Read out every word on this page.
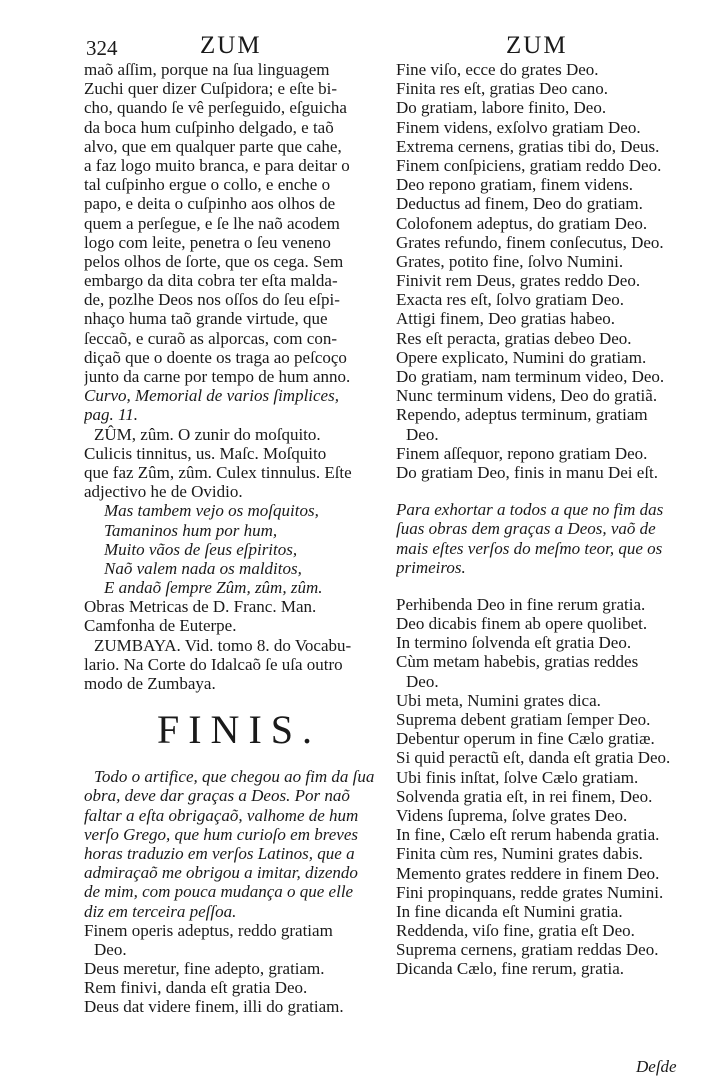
324	ZUM	ZUM
maõ aſſim, porque na ſua linguagem
Zuchi quer dizer Cuſpidora; e eſte bi-
cho, quando ſe vê perſeguido, eſguicha
da boca hum cuſpinho delgado, e taõ
alvo, que em qualquer parte que cahe,
a faz logo muito branca, e para deitar o
tal cuſpinho ergue o collo, e enche o
papo, e deita o cuſpinho aos olhos de
quem a perſegue, e ſe lhe naõ acodem
logo com leite, penetra o ſeu veneno
pelos olhos de ſorte, que os cega. Sem
embargo da dita cobra ter eſta malda-
de, pozlhe Deos nos oſſos do ſeu eſpi-
nhaço huma taõ grande virtude, que
ſeccaõ, e curaõ as alporcas, com con-
diçaõ que o doente os traga ao peſcoço
junto da carne por tempo de hum anno.
Curvo, Memorial de varios ſimplices,
pag. 11.
ZÛM, zûm. O zunir do moſquito.
Culicis tinnitus, us. Maſc. Moſquito
que faz Zûm, zûm. Culex tinnulus. Eſte
adjectivo he de Ovidio.
Mas tambem vejo os moſquitos,
Tamaninos hum por hum,
Muito vãos de ſeus eſpiritos,
Naõ valem nada os malditos,
E andaõ ſempre Zûm, zûm, zûm.
Obras Metricas de D. Franc. Man.
Camfonha de Euterpe.
ZUMBAYA. Vid. tomo 8. do Vocabu-
lario. Na Corte do Idalcaõ ſe uſa outro
modo de Zumbaya.
FINIS.
Todo o artifice, que chegou ao fim da ſua
obra, deve dar graças a Deos. Por naõ
faltar a eſta obrigaçaõ, valhome de hum
verſo Grego, que hum curioſo em breves
horas traduzio em verſos Latinos, que a
admiraçaõ me obrigou a imitar, dizendo
de mim, com pouca mudança o que elle
diz em terceira peſſoa.
Finem operis adeptus, reddo gratiam
Deo.
Deus meretur, fine adepto, gratiam.
Rem finivi, danda eſt gratia Deo.
Deus dat videre finem, illi do gratiam.
Fine viſo, ecce do grates Deo.
Finita res eſt, gratias Deo cano.
Do gratiam, labore finito, Deo.
Finem videns, exſolvo gratiam Deo.
Extrema cernens, gratias tibi do, Deus.
Finem conſpiciens, gratiam reddo Deo.
Deo repono gratiam, finem videns.
Deductus ad finem, Deo do gratiam.
Colofonem adeptus, do gratiam Deo.
Grates refundo, finem conſecutus, Deo.
Grates, potito fine, ſolvo Numini.
Finivit rem Deus, grates reddo Deo.
Exacta res eſt, ſolvo gratiam Deo.
Attigi finem, Deo gratias habeo.
Res eſt peracta, gratias debeo Deo.
Opere explicato, Numini do gratiam.
Do gratiam, nam terminum video, Deo.
Nunc terminum videns, Deo do gratiã.
Rependo, adeptus terminum, gratiam
Deo.
Finem aſſequor, repono gratiam Deo.
Do gratiam Deo, finis in manu Dei eſt.
Para exhortar a todos a que no fim das
ſuas obras dem graças a Deos, vaõ de
mais eſtes verſos do meſmo teor, que os
primeiros.
Perhibenda Deo in fine rerum gratia.
Deo dicabis finem ab opere quolibet.
In termino ſolvenda eſt gratia Deo.
Cùm metam habebis, gratias reddes
Deo.
Ubi meta, Numini grates dica.
Suprema debent gratiam ſemper Deo.
Debentur operum in fine Cælo gratiæ.
Si quid peractũ eſt, danda eſt gratia Deo.
Ubi finis inſtat, ſolve Cælo gratiam.
Solvenda gratia eſt, in rei finem, Deo.
Videns ſuprema, ſolve grates Deo.
In fine, Cælo eſt rerum habenda gratia.
Finita cùm res, Numini grates dabis.
Memento grates reddere in finem Deo.
Fini propinquans, redde grates Numini.
In fine dicanda eſt Numini gratia.
Reddenda, viſo fine, gratia eſt Deo.
Suprema cernens, gratiam reddas Deo.
Dicanda Cælo, fine rerum, gratia.
Deſde
